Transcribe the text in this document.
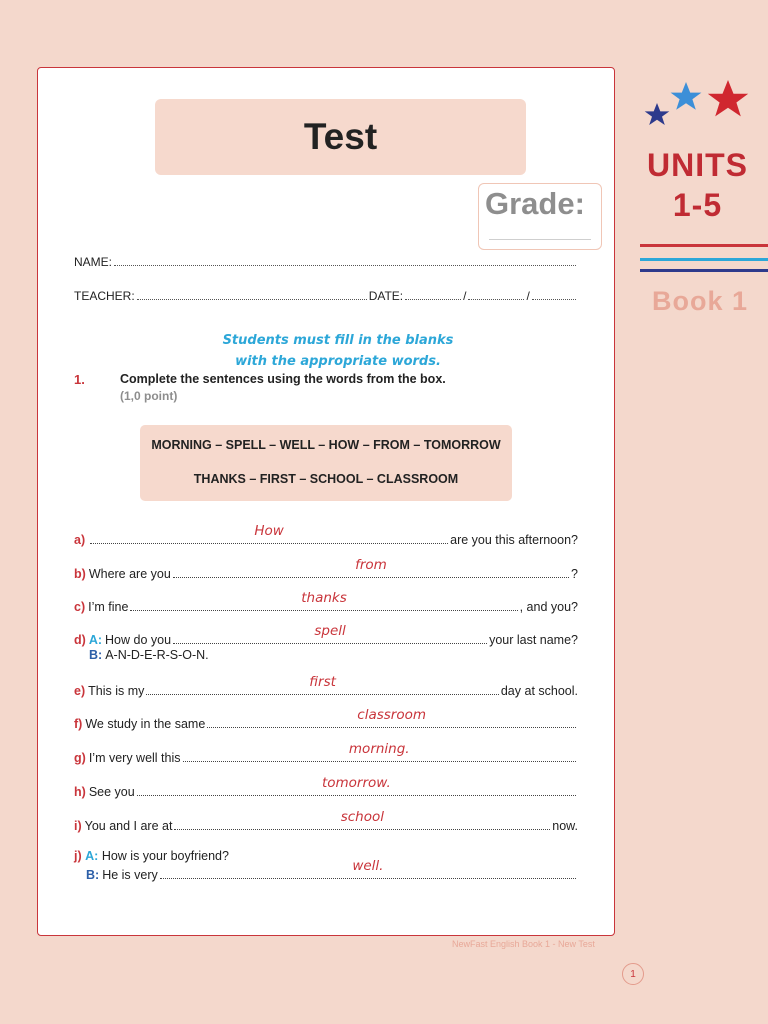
UNITS
1-5
Book 1
Test
Grade:
NAME:
TEACHER:	DATE:	/	/
Students must fill in the blanks
with the appropriate words.
1.	Complete the sentences using the words from the box.
(1,0 point)
MORNING – SPELL – WELL – HOW – FROM – TOMORROW
THANKS – FIRST – SCHOOL – CLASSROOM
a)
How
are you this afternoon?
b) Where are you
from
?
c) I’m fine
thanks
, and you?
d) A: How do you
spell
your last name?
B: A-N-D-E-R-S-O-N.
e) This is my
first
day at school.
f) We study in the same
classroom
g) I’m very well this
morning.
h) See you
tomorrow.
i) You and I are at
school
now.
j) A: How is your boyfriend?
B: He is very
well.
NewFast English Book 1 - New Test
1
